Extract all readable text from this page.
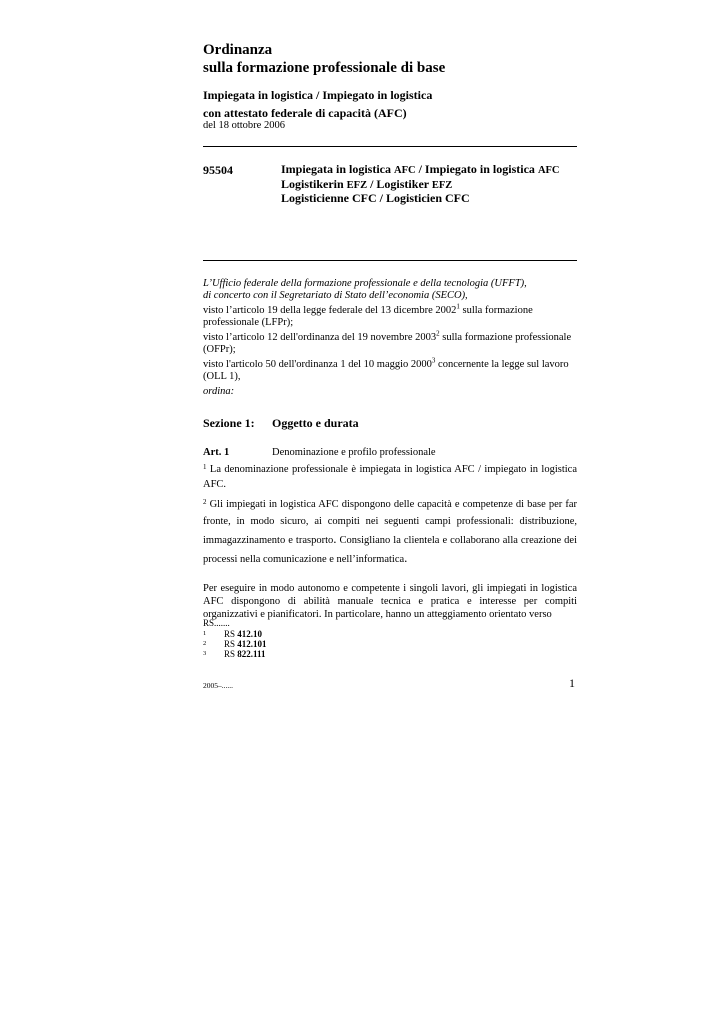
Ordinanza
sulla formazione professionale di base
Impiegata in logistica / Impiegato in logistica
con attestato federale di capacità (AFC)
del 18 ottobre 2006
95504	Impiegata in logistica AFC / Impiegato in logistica AFC
Logistikerin EFZ / Logistiker EFZ
Logisticienne CFC / Logisticien CFC

L’Ufficio federale della formazione professionale e della tecnologia (UFFT),
di concerto con il Segretariato di Stato dell’economia (SECO),

visto l’articolo 19 della legge federale del 13 dicembre 2002$^1$ sulla formazione professionale (LFPr);

visto l’articolo 12 dell'ordinanza del 19 novembre 2003$^2$ sulla formazione professionale (OFPr);

visto l'articolo 50 dell'ordinanza 1 del 10 maggio 2000$^3$ concernente la legge sul lavoro (OLL 1),

ordina:

Sezione 1: Oggetto e durata
Art. 1	Denominazione e profilo professionale

$^1$ La denominazione professionale è impiegata in logistica AFC / impiegato in logistica AFC.

$^2$ Gli impiegati in logistica AFC dispongono delle capacità e competenze di base per far fronte, in modo sicuro, ai compiti nei seguenti campi professionali: distribuzione, immagazzinamento e trasporto. Consigliano la clientela e collaborano alla creazione dei processi nella comunicazione e nell’informatica.

Per eseguire in modo autonomo e competente i singoli lavori, gli impiegati in logistica AFC dispongono di abilità manuale tecnica e pratica e interesse per compiti organizzativi e pianificatori. In particolare, hanno un atteggiamento orientato verso

RS.......
1 RS 412.10
2 RS 412.101
3 RS 822.111
2005–......	1
